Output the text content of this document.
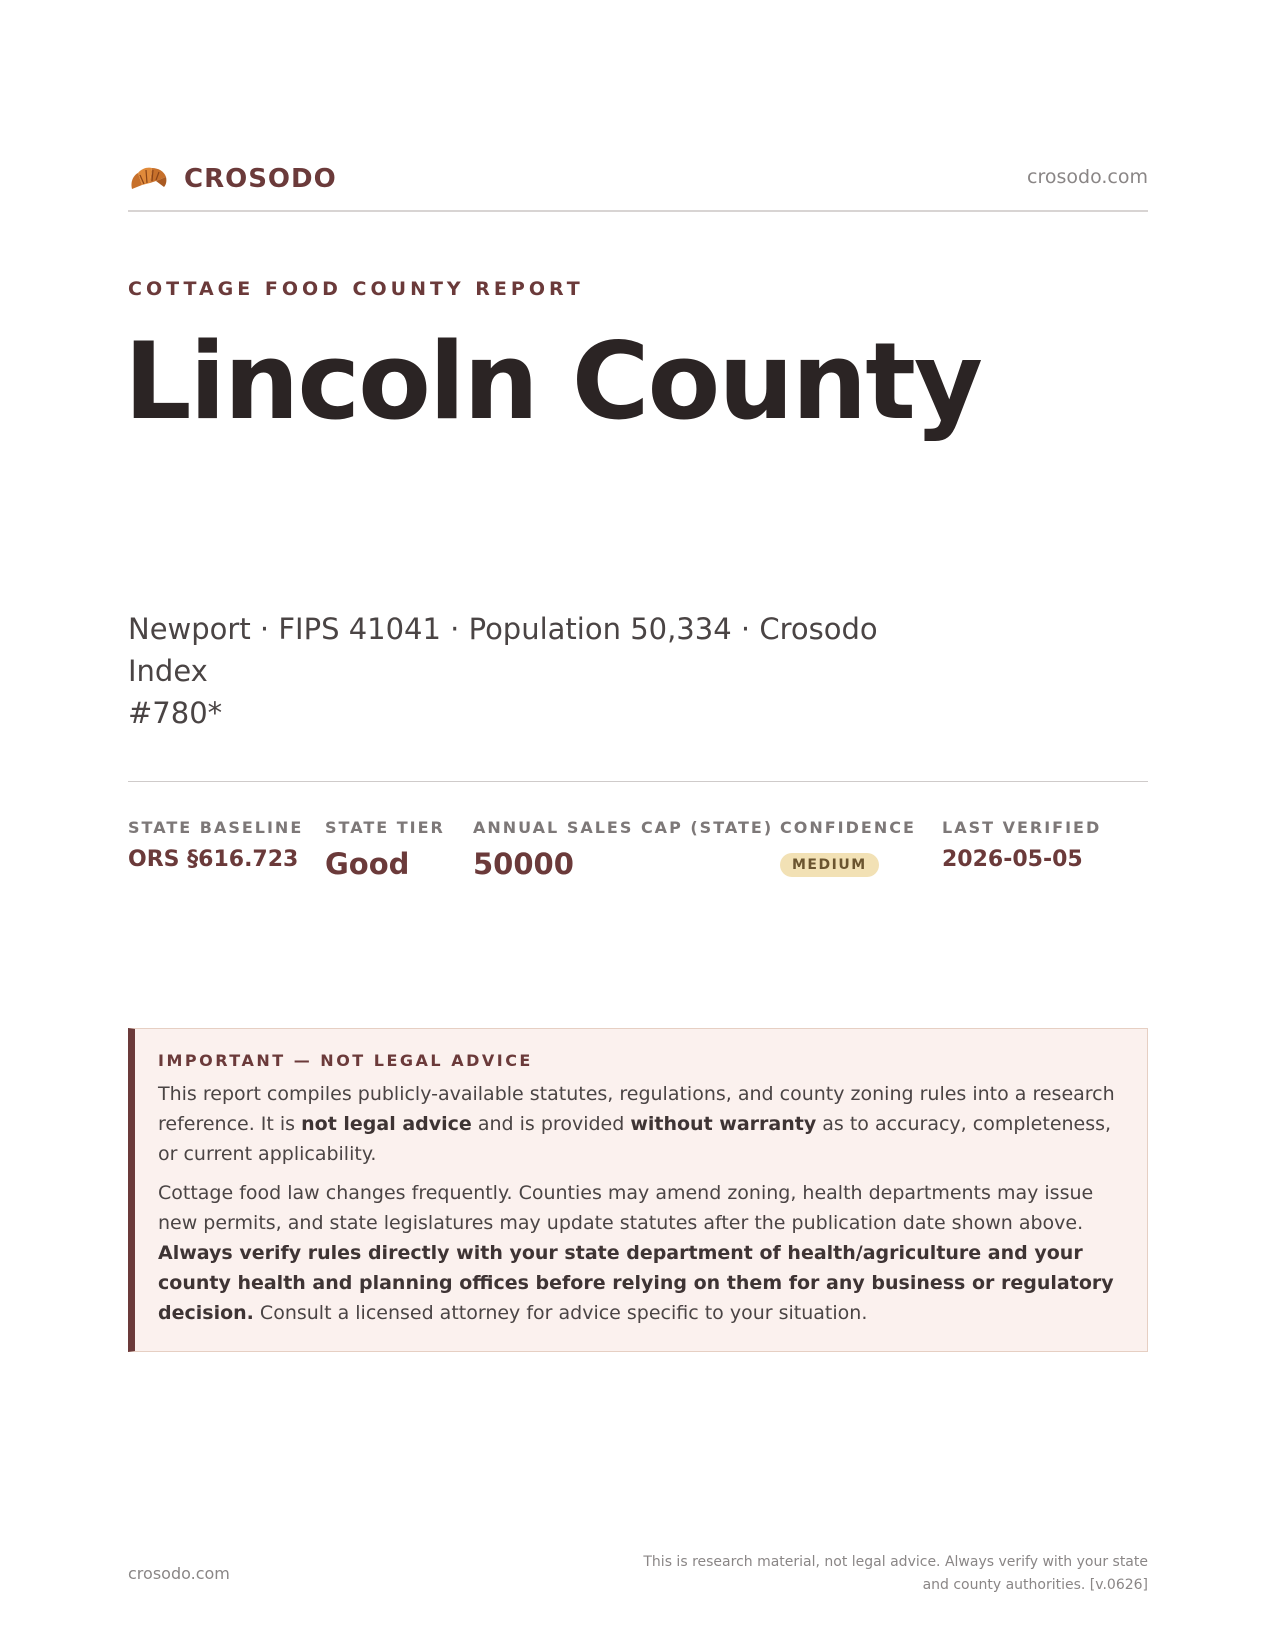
CROSODO	crosodo.com
COTTAGE FOOD COUNTY REPORT
Lincoln County
Newport · FIPS 41041 · Population 50,334 · Crosodo Index
#780*
STATE BASELINE
ORS §616.723
STATE TIER
Good
ANNUAL SALES CAP (STATE)
50000
CONFIDENCE
MEDIUM
LAST VERIFIED
2026-05-05
IMPORTANT — NOT LEGAL ADVICE

This report compiles publicly-available statutes, regulations, and county zoning rules into a research reference. It is not legal advice and is provided without warranty as to accuracy, completeness, or current applicability.

Cottage food law changes frequently. Counties may amend zoning, health departments may issue new permits, and state legislatures may update statutes after the publication date shown above. Always verify rules directly with your state department of health/agriculture and your county health and planning offices before relying on them for any business or regulatory decision. Consult a licensed attorney for advice specific to your situation.

crosodo.com
This is research material, not legal advice. Always verify with your state
and county authorities. [v.0626]
